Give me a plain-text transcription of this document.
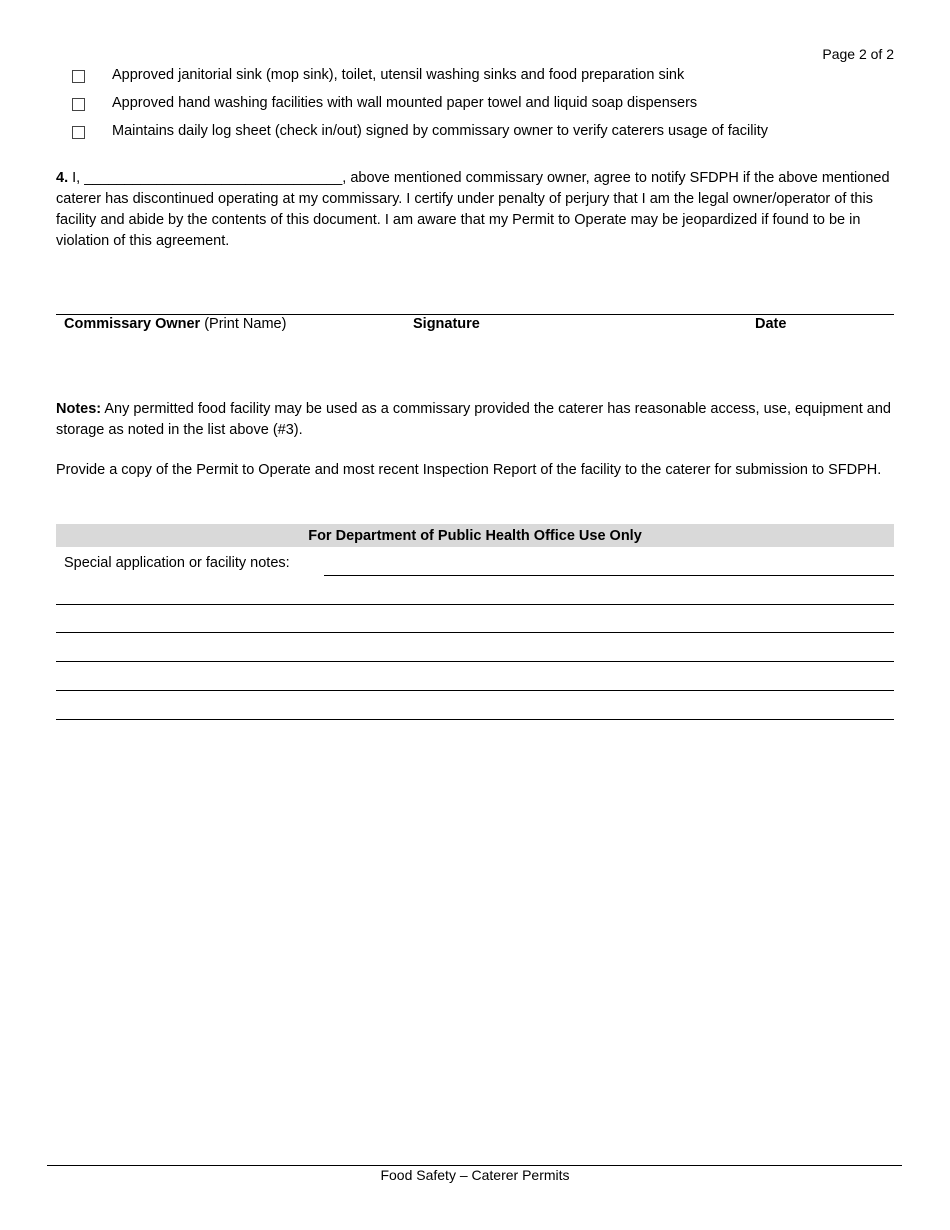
Page 2 of 2
Approved janitorial sink (mop sink), toilet, utensil washing sinks and food preparation sink
Approved hand washing facilities with wall mounted paper towel and liquid soap dispensers
Maintains daily log sheet (check in/out) signed by commissary owner to verify caterers usage of facility
4. I, ________________________________, above mentioned commissary owner, agree to notify SFDPH if the above mentioned caterer has discontinued operating at my commissary. I certify under penalty of perjury that I am the legal owner/operator of this facility and abide by the contents of this document. I am aware that my Permit to Operate may be jeopardized if found to be in violation of this agreement.
Commissary Owner (Print Name)	Signature	Date
Notes: Any permitted food facility may be used as a commissary provided the caterer has reasonable access, use, equipment and storage as noted in the list above (#3).
Provide a copy of the Permit to Operate and most recent Inspection Report of the facility to the caterer for submission to SFDPH.
For Department of Public Health Office Use Only
Special application or facility notes:
Food Safety – Caterer Permits
